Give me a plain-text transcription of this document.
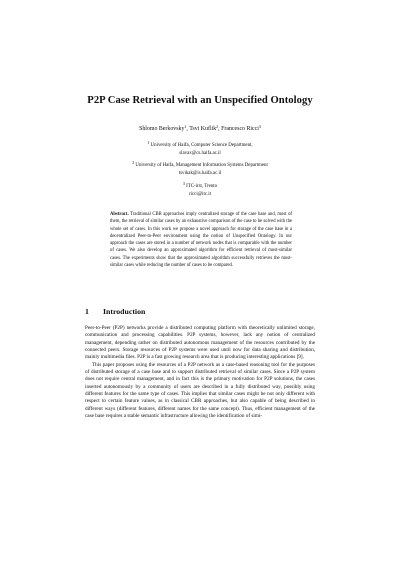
P2P Case Retrieval with an Unspecified Ontology
Shlomo Berkovsky$^1$, Tsvi Kuflik$^2$, Francesco Ricci$^3$
$^1$ University of Haifa, Computer Science Department,
slavax@cs.haifa.ac.il
$^2$ University of Haifa, Management Information Systems Department
tsvikak@is.haifa.ac.il
$^3$ ITC-irst, Trento
ricci@itc.it
Abstract. Traditional CBR approaches imply centralized storage of the case base and, most of them, the retrieval of similar cases by an exhaustive comparison of the case to be solved with the whole set of cases. In this work we propose a novel approach for storage of the case base in a decentralized Peer-to-Peer environment using the notion of Unspecified Ontology. In our approach the cases are stored in a number of network nodes that is comparable with the number of cases. We also develop an approximated algorithm for efficient retrieval of most-similar cases. The experiments show that the approximated algorithm successfully retrieves the most-similar cases while reducing the number of cases to be compared.
1 Introduction

Peer-to-Peer (P2P) networks provide a distributed computing platform with theoretically unlimited storage, communication and processing capabilities. P2P systems, however, lack any notion of centralized management, depending rather on distributed autonomous management of the resources contributed by the connected peers. Storage resources of P2P systems were used until now for data sharing and distribution, mainly multimedia files. P2P is a fast growing research area that is producing interesting applications [9].

This paper proposes using the resources of a P2P network as a case-based reasoning tool for the purposes of distributed storage of a case base and to support distributed retrieval of similar cases. Since a P2P system does not require central management, and in fact this is the primary motivation for P2P solutions, the cases inserted autonomously by a community of users are described in a fully distributed way, possibly using different features for the same type of cases. This implies that similar cases might be not only different with respect to certain feature values, as in classical CBR approaches, but also capable of being described in different ways (different features, different names for the same concept). Thus, efficient management of the case base requires a stable semantic infrastructure allowing the identification of simi-
